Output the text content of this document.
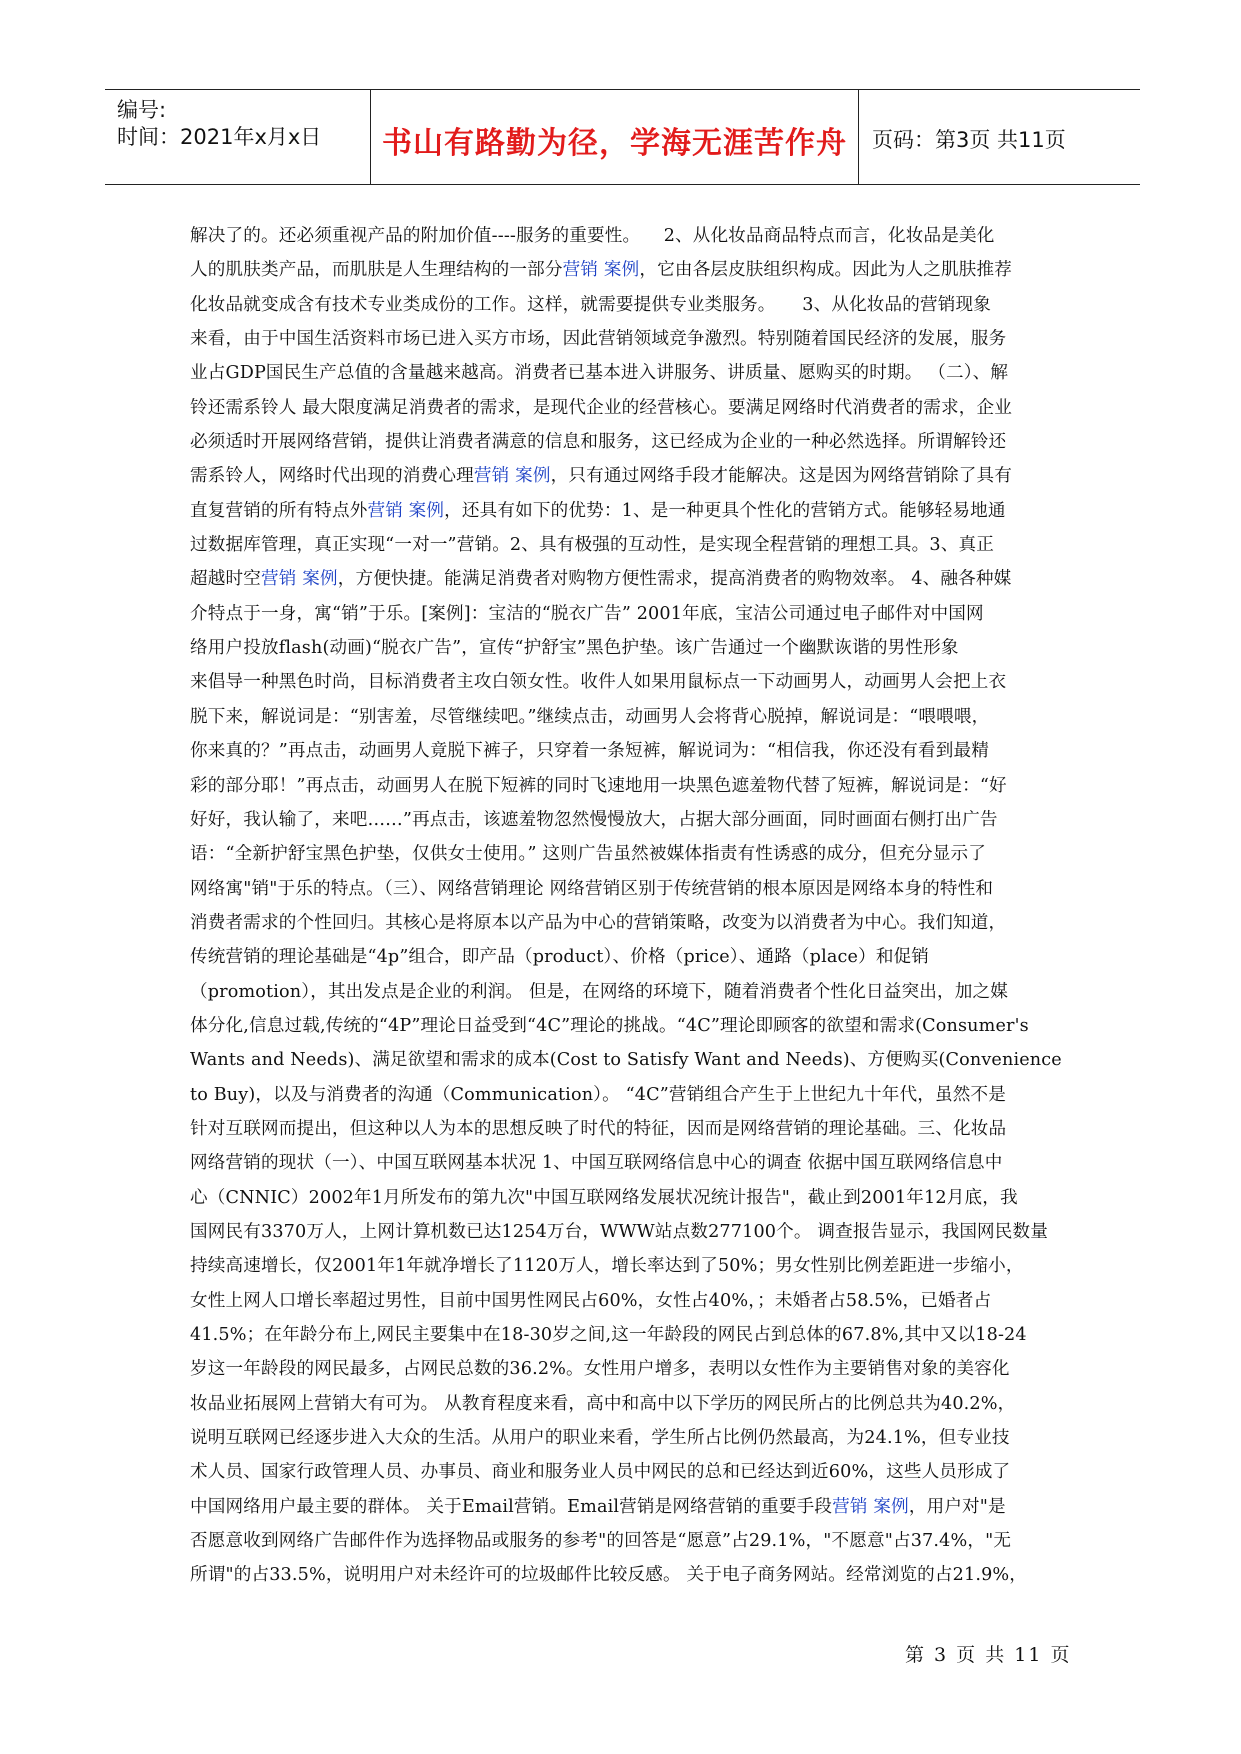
编号:
时间：2021年x月x日	书山有路勤为径，学海无涯苦作舟	页码：第3页 共11页
解决了的。还必须重视产品的附加价值----服务的重要性。 　2、从化妆品商品特点而言，化妆品是美化
人的肌肤类产品，而肌肤是人生理结构的一部分营销 案例，它由各层皮肤组织构成。因此为人之肌肤推荐
化妆品就变成含有技术专业类成份的工作。这样，就需要提供专业类服务。　　3、从化妆品的营销现象
来看，由于中国生活资料市场已进入买方市场，因此营销领域竞争激烈。特别随着国民经济的发展，服务
业占GDP国民生产总值的含量越来越高。消费者已基本进入讲服务、讲质量、愿购买的时期。 （二）、解
铃还需系铃人 最大限度满足消费者的需求，是现代企业的经营核心。要满足网络时代消费者的需求，企业
必须适时开展网络营销，提供让消费者满意的信息和服务，这已经成为企业的一种必然选择。所谓解铃还
需系铃人，网络时代出现的消费心理营销 案例，只有通过网络手段才能解决。这是因为网络营销除了具有
直复营销的所有特点外营销 案例，还具有如下的优势：1、是一种更具个性化的营销方式。能够轻易地通
过数据库管理，真正实现“一对一”营销。2、具有极强的互动性，是实现全程营销的理想工具。3、真正
超越时空营销 案例，方便快捷。能满足消费者对购物方便性需求，提高消费者的购物效率。 4、融各种媒
介特点于一身，寓“销”于乐。[案例]：宝洁的“脱衣广告” 2001年底，宝洁公司通过电子邮件对中国网
络用户投放flash(动画)“脱衣广告”，宣传“护舒宝”黑色护垫。该广告通过一个幽默诙谐的男性形象
来倡导一种黑色时尚，目标消费者主攻白领女性。收件人如果用鼠标点一下动画男人，动画男人会把上衣
脱下来，解说词是：“别害羞，尽管继续吧。”继续点击，动画男人会将背心脱掉，解说词是：“喂喂喂，
你来真的？”再点击，动画男人竟脱下裤子，只穿着一条短裤，解说词为：“相信我，你还没有看到最精
彩的部分耶！”再点击，动画男人在脱下短裤的同时飞速地用一块黑色遮羞物代替了短裤，解说词是：“好
好好，我认输了，来吧……”再点击，该遮羞物忽然慢慢放大，占据大部分画面，同时画面右侧打出广告
语：“全新护舒宝黑色护垫，仅供女士使用。” 这则广告虽然被媒体指责有性诱惑的成分，但充分显示了
网络寓"销"于乐的特点。（三）、网络营销理论 网络营销区别于传统营销的根本原因是网络本身的特性和
消费者需求的个性回归。其核心是将原本以产品为中心的营销策略，改变为以消费者为中心。我们知道，
传统营销的理论基础是“4p”组合，即产品（product）、价格（price）、通路（place）和促销
（promotion），其出发点是企业的利润。 但是，在网络的环境下，随着消费者个性化日益突出，加之媒
体分化,信息过载,传统的“4P”理论日益受到“4C”理论的挑战。“4C”理论即顾客的欲望和需求(Consumer's
Wants and Needs)、满足欲望和需求的成本(Cost to Satisfy Want and Needs)、方便购买(Convenience
to Buy)，以及与消费者的沟通（Communication）。 “4C”营销组合产生于上世纪九十年代，虽然不是
针对互联网而提出，但这种以人为本的思想反映了时代的特征，因而是网络营销的理论基础。三、化妆品
网络营销的现状（一）、中国互联网基本状况 1、中国互联网络信息中心的调查 依据中国互联网络信息中
心（CNNIC）2002年1月所发布的第九次"中国互联网络发展状况统计报告"，截止到2001年12月底，我
国网民有3370万人，上网计算机数已达1254万台，WWW站点数277100个。 调查报告显示，我国网民数量
持续高速增长，仅2001年1年就净增长了1120万人，增长率达到了50%；男女性别比例差距进一步缩小，
女性上网人口增长率超过男性，目前中国男性网民占60%，女性占40%，；未婚者占58.5%，已婚者占
41.5%；在年龄分布上,网民主要集中在18-30岁之间,这一年龄段的网民占到总体的67.8%,其中又以18-24
岁这一年龄段的网民最多，占网民总数的36.2%。女性用户增多，表明以女性作为主要销售对象的美容化
妆品业拓展网上营销大有可为。 从教育程度来看，高中和高中以下学历的网民所占的比例总共为40.2%，
说明互联网已经逐步进入大众的生活。从用户的职业来看，学生所占比例仍然最高，为24.1%，但专业技
术人员、国家行政管理人员、办事员、商业和服务业人员中网民的总和已经达到近60%，这些人员形成了
中国网络用户最主要的群体。 关于Email营销。Email营销是网络营销的重要手段营销 案例，用户对"是
否愿意收到网络广告邮件作为选择物品或服务的参考"的回答是“愿意”占29.1%，"不愿意"占37.4%，"无
所谓"的占33.5%，说明用户对未经许可的垃圾邮件比较反感。 关于电子商务网站。经常浏览的占21.9%，
第 3 页 共 11 页
